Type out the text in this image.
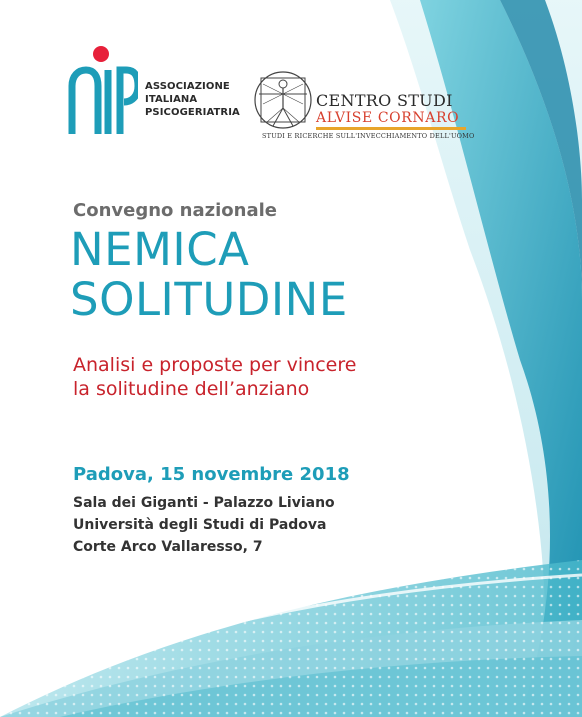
ASSOCIAZIONE
ITALIANA
PSICOGERIATRIA
CENTRO STUDI
ALVISE CORNARO
STUDI E RICERCHE SULL'INVECCHIAMENTO DELL'UOMO
Convegno nazionale
NEMICA
SOLITUDINE
Analisi e proposte per vincere
la solitudine dell’anziano
Padova, 15 novembre 2018
Sala dei Giganti - Palazzo Liviano
Università degli Studi di Padova
Corte Arco Vallaresso, 7
